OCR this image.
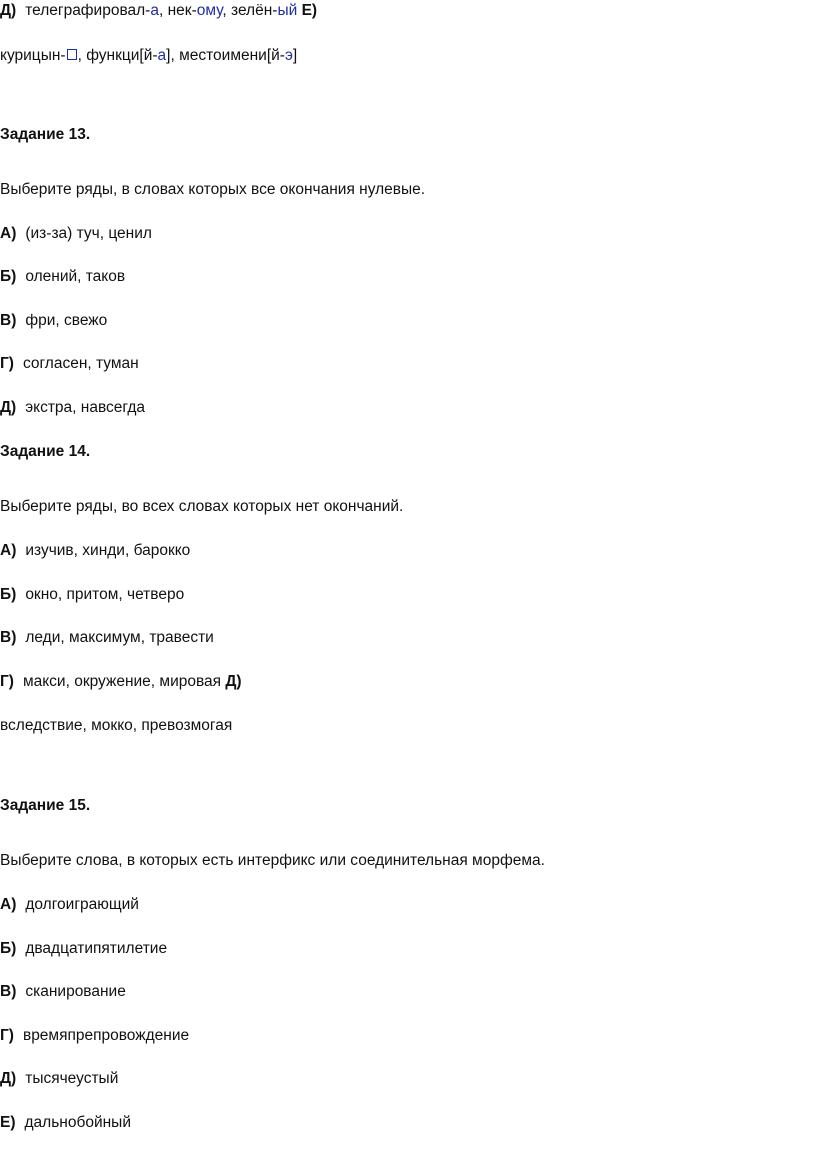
Д) телеграфировал-а, нек-ому, зелён-ый Е)
курицын- , функци[й-а], местоимени[й-э]
Задание 13.
Выберите ряды, в словах которых все окончания нулевые.
А) (из-за) туч, ценил
Б) олений, таков
В) фри, свежо
Г) согласен, туман
Д) экстра, навсегда
Задание 14.
Выберите ряды, во всех словах которых нет окончаний.
А) изучив, хинди, барокко
Б) окно, притом, четверо
В) леди, максимум, травести
Г) макси, окружение, мировая Д)
вследствие, мокко, превозмогая
Задание 15.
Выберите слова, в которых есть интерфикс или соединительная морфема.
А) долгоиграющий
Б) двадцатипятилетие
В) сканирование
Г) времяпрепровождение
Д) тысячеустый
Е) дальнобойный
